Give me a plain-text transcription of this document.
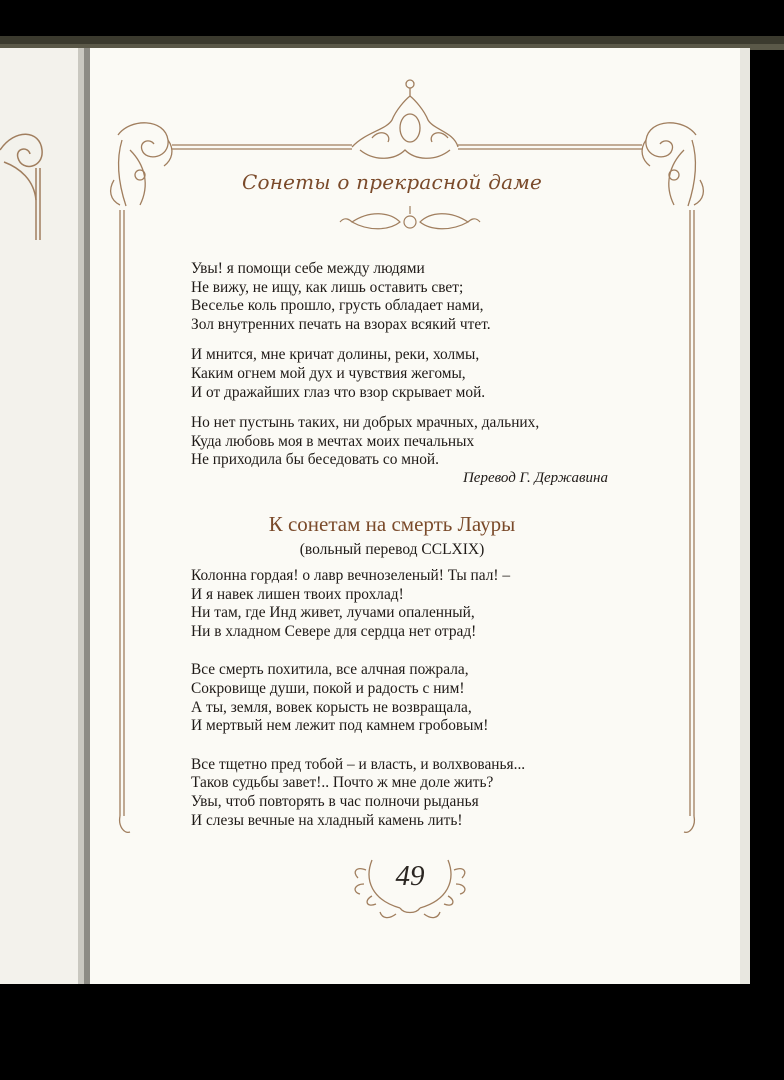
Сонеты о прекрасной даме
Увы! я помощи себе между людями
Не вижу, не ищу, как лишь оставить свет;
Веселье коль прошло, грусть обладает нами,
Зол внутренних печать на взорах всякий чтет.
И мнится, мне кричат долины, реки, холмы,
Каким огнем мой дух и чувствия жегомы,
И от дражайших глаз что взор скрывает мой.
Но нет пустынь таких, ни добрых мрачных, дальних,
Куда любовь моя в мечтах моих печальных
Не приходила бы беседовать со мной.
Перевод Г. Державина
К сонетам на смерть Лауры
(вольный перевод CCLXIX)
Колонна гордая! о лавр вечнозеленый! Ты пал! –
И я навек лишен твоих прохлад!
Ни там, где Инд живет, лучами опаленный,
Ни в хладном Севере для сердца нет отрад!
Все смерть похитила, все алчная пожрала,
Сокровище души, покой и радость с ним!
А ты, земля, вовек корысть не возвращала,
И мертвый нем лежит под камнем гробовым!
Все тщетно пред тобой – и власть, и волхвованья...
Таков судьбы завет!.. Почто ж мне доле жить?
Увы, чтоб повторять в час полночи рыданья
И слезы вечные на хладный камень лить!
49
